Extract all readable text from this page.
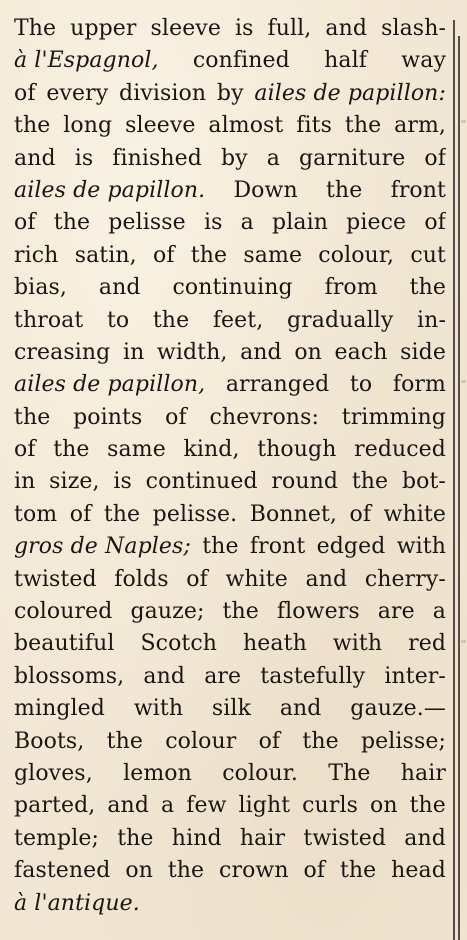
The upper sleeve is full, and slash-
à l'Espagnol, confined half way
of every division by ailes de papillon:
the long sleeve almost fits the arm,
and is finished by a garniture of
ailes de papillon. Down the front
of the pelisse is a plain piece of
rich satin, of the same colour, cut
bias, and continuing from the
throat to the feet, gradually in-
creasing in width, and on each side
ailes de papillon, arranged to form
the points of chevrons: trimming
of the same kind, though reduced
in size, is continued round the bot-
tom of the pelisse. Bonnet, of white
gros de Naples; the front edged with
twisted folds of white and cherry-
coloured gauze; the flowers are a
beautiful Scotch heath with red
blossoms, and are tastefully inter-
mingled with silk and gauze.—
Boots, the colour of the pelisse;
gloves, lemon colour. The hair
parted, and a few light curls on the
temple; the hind hair twisted and
fastened on the crown of the head
à l'antique.
